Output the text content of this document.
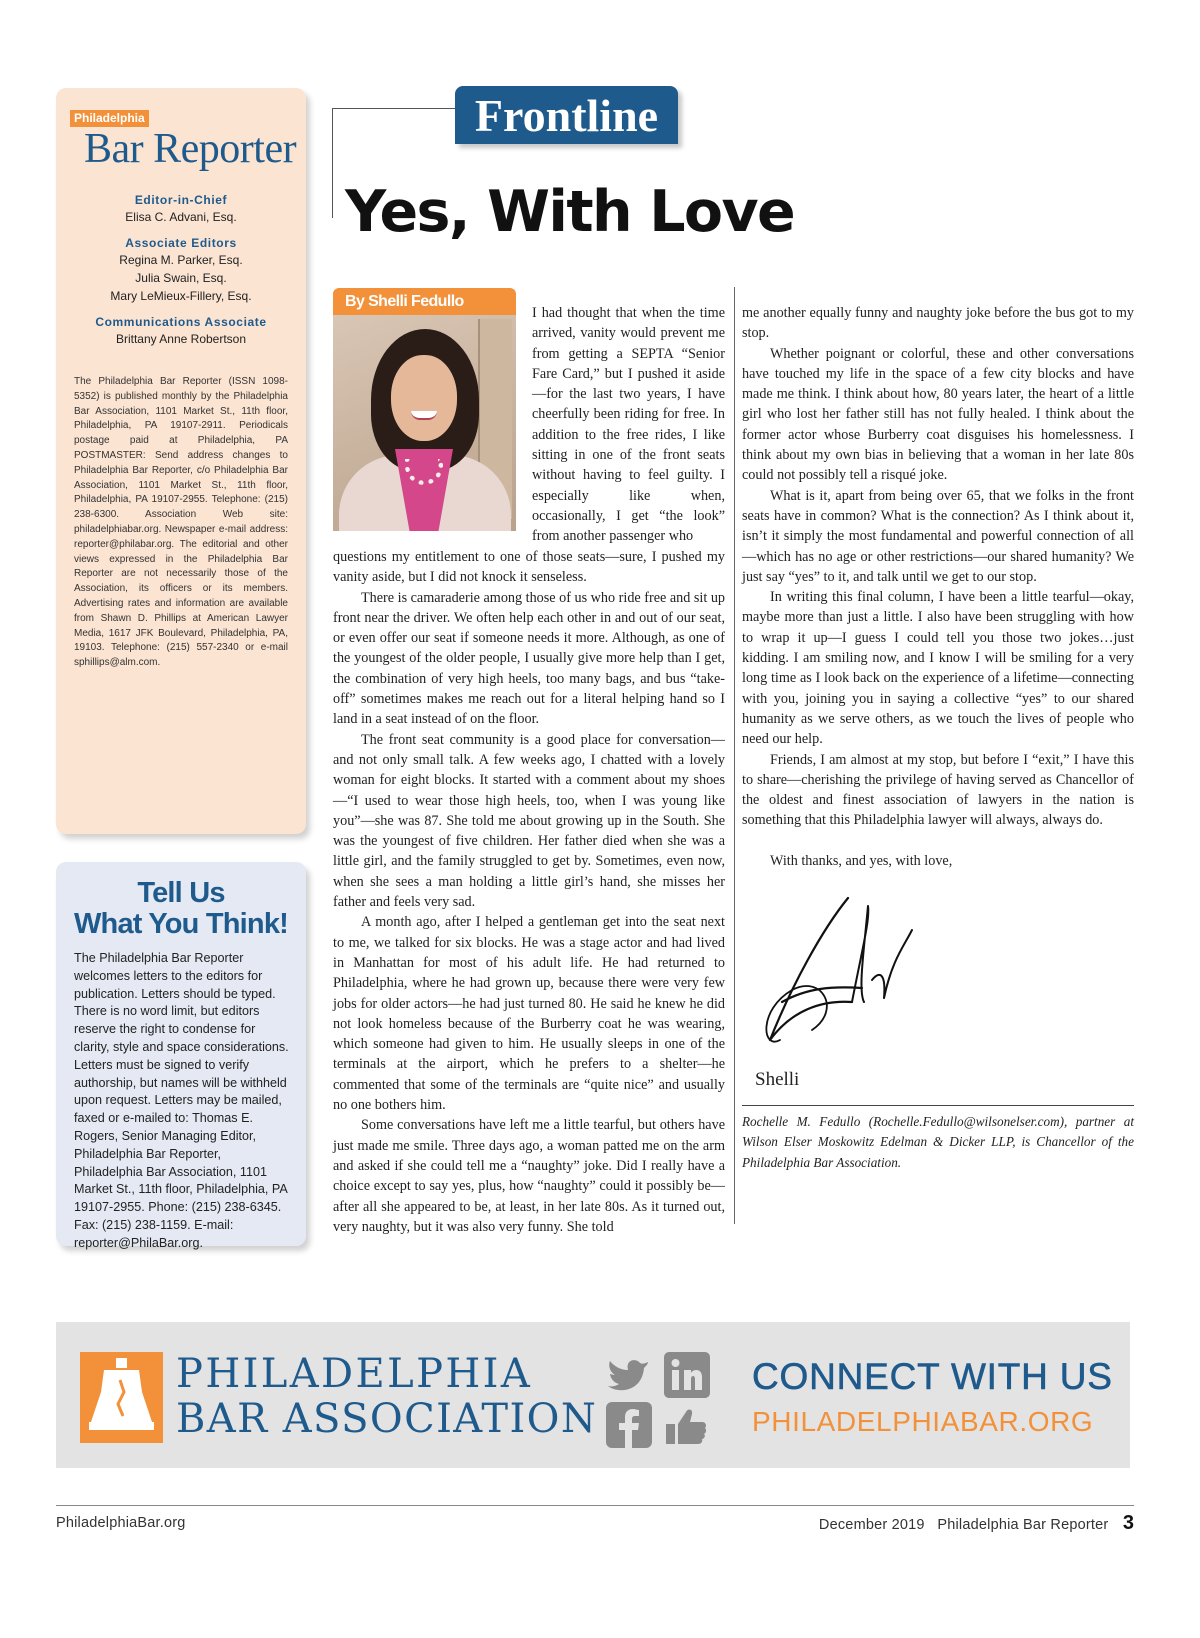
Philadelphia
Bar Reporter
Editor-in-Chief
Elisa C. Advani, Esq.
Associate Editors
Regina M. Parker, Esq.
Julia Swain, Esq.
Mary LeMieux-Fillery, Esq.
Communications Associate
Brittany Anne Robertson
The Philadelphia Bar Reporter (ISSN 1098-5352) is published monthly by the Philadelphia Bar Association, 1101 Market St., 11th floor, Philadelphia, PA 19107-2911. Periodicals postage paid at Philadelphia, PA POSTMASTER: Send address changes to Philadelphia Bar Reporter, c/o Philadelphia Bar Association, 1101 Market St., 11th floor, Philadelphia, PA 19107-2955. Telephone: (215) 238-6300. Association Web site: philadelphiabar.org. Newspaper e-mail address: reporter@philabar.org. The editorial and other views expressed in the Philadelphia Bar Reporter are not necessarily those of the Association, its officers or its members. Advertising rates and information are available from Shawn D. Phillips at American Lawyer Media, 1617 JFK Boulevard, Philadelphia, PA, 19103. Telephone: (215) 557-2340 or e-mail sphillips@alm.com.
Tell Us
What You Think!
The Philadelphia Bar Reporter welcomes letters to the editors for publication. Letters should be typed. There is no word limit, but editors reserve the right to condense for clarity, style and space considerations. Letters must be signed to verify authorship, but names will be withheld upon request. Letters may be mailed, faxed or e-mailed to: Thomas E. Rogers, Senior Managing Editor, Philadelphia Bar Reporter, Philadelphia Bar Association, 1101 Market St., 11th floor, Philadelphia, PA 19107-2955. Phone: (215) 238-6345. Fax: (215) 238-1159. E-mail: reporter@PhilaBar.org.
Frontline
Yes, With Love
By Shelli Fedullo

I had thought that when the time arrived, vanity would prevent me from getting a SEPTA “Senior Fare Card,” but I pushed it aside—for the last two years, I have cheerfully been riding for free. In addition to the free rides, I like sitting in one of the front seats without having to feel guilty. I especially like when, occasionally, I get “the look” from another passenger who

questions my entitlement to one of those seats—sure, I pushed my vanity aside, but I did not knock it senseless.

There is camaraderie among those of us who ride free and sit up front near the driver. We often help each other in and out of our seat, or even offer our seat if someone needs it more. Although, as one of the youngest of the older people, I usually give more help than I get, the combination of very high heels, too many bags, and bus “take-off” sometimes makes me reach out for a literal helping hand so I land in a seat instead of on the floor.

The front seat community is a good place for conversation—and not only small talk. A few weeks ago, I chatted with a lovely woman for eight blocks. It started with a comment about my shoes—“I used to wear those high heels, too, when I was young like you”—she was 87. She told me about growing up in the South. She was the youngest of five children. Her father died when she was a little girl, and the family struggled to get by. Sometimes, even now, when she sees a man holding a little girl’s hand, she misses her father and feels very sad.

A month ago, after I helped a gentleman get into the seat next to me, we talked for six blocks. He was a stage actor and had lived in Manhattan for most of his adult life. He had returned to Philadelphia, where he had grown up, because there were very few jobs for older actors—he had just turned 80. He said he knew he did not look homeless because of the Burberry coat he was wearing, which someone had given to him. He usually sleeps in one of the terminals at the airport, which he prefers to a shelter—he commented that some of the terminals are “quite nice” and usually no one bothers him.

Some conversations have left me a little tearful, but others have just made me smile. Three days ago, a woman patted me on the arm and asked if she could tell me a “naughty” joke. Did I really have a choice except to say yes, plus, how “naughty” could it possibly be—after all she appeared to be, at least, in her late 80s. As it turned out, very naughty, but it was also very funny. She told

me another equally funny and naughty joke before the bus got to my stop.

Whether poignant or colorful, these and other conversations have touched my life in the space of a few city blocks and have made me think. I think about how, 80 years later, the heart of a little girl who lost her father still has not fully healed. I think about the former actor whose Burberry coat disguises his homelessness. I think about my own bias in believing that a woman in her late 80s could not possibly tell a risqué joke.

What is it, apart from being over 65, that we folks in the front seats have in common? What is the connection? As I think about it, isn’t it simply the most fundamental and powerful connection of all—which has no age or other restrictions—our shared humanity? We just say “yes” to it, and talk until we get to our stop.

In writing this final column, I have been a little tearful—okay, maybe more than just a little. I also have been struggling with how to wrap it up—I guess I could tell you those two jokes…just kidding. I am smiling now, and I know I will be smiling for a very long time as I look back on the experience of a lifetime—connecting with you, joining you in saying a collective “yes” to our shared humanity as we serve others, as we touch the lives of people who need our help.

Friends, I am almost at my stop, but before I “exit,” I have this to share—cherishing the privilege of having served as Chancellor of the oldest and finest association of lawyers in the nation is something that this Philadelphia lawyer will always, always do.

With thanks, and yes, with love,

Shelli
Rochelle M. Fedullo (Rochelle.Fedullo@wilsonelser.com), partner at Wilson Elser Moskowitz Edelman & Dicker LLP, is Chancellor of the Philadelphia Bar Association.
PHILADELPHIA
BAR ASSOCIATION
CONNECT WITH US
PHILADELPHIABAR.ORG
PhiladelphiaBar.org	December 2019   Philadelphia Bar Reporter 3
